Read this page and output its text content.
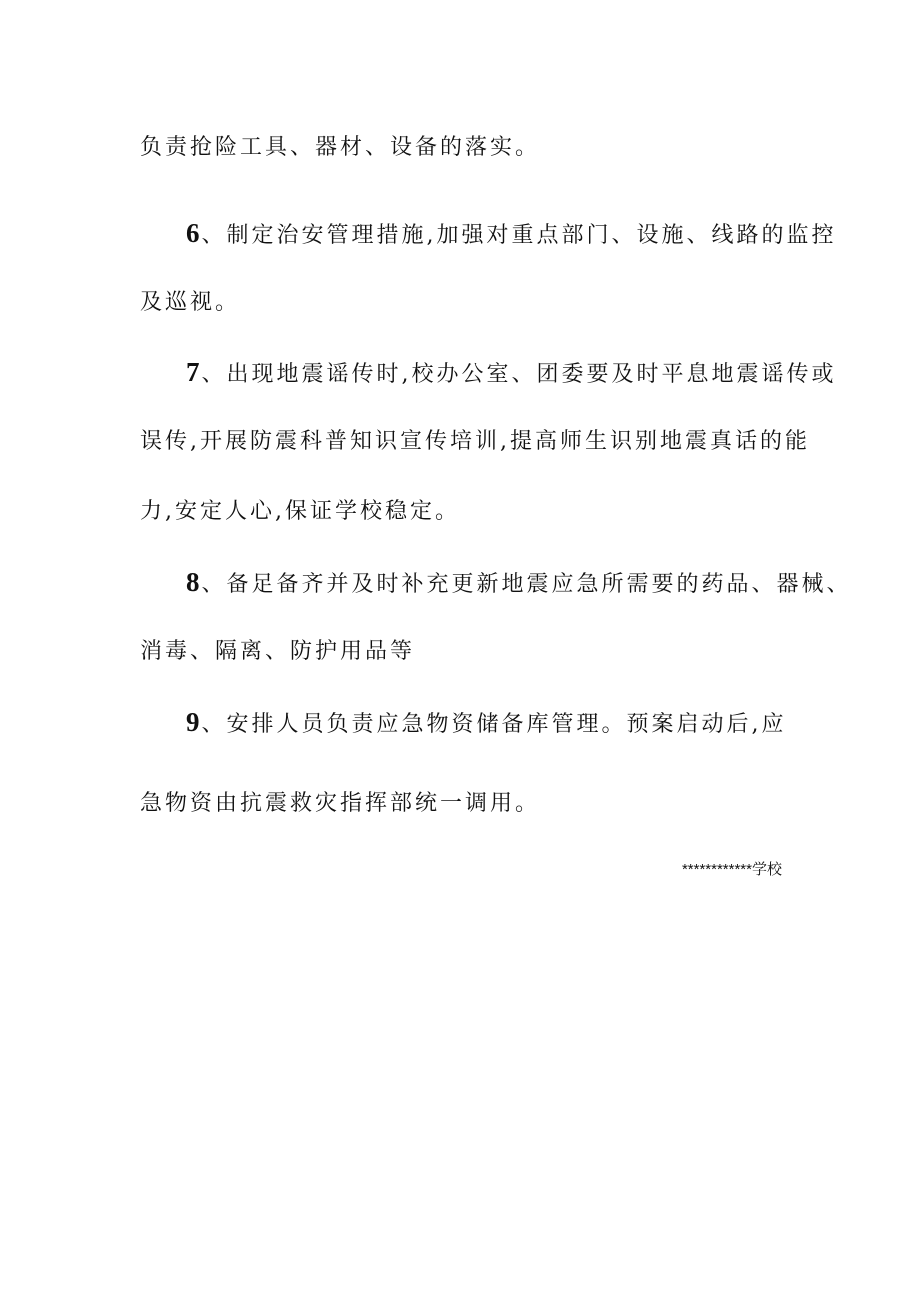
负责抢险工具、器材、设备的落实。
6、制定治安管理措施,加强对重点部门、设施、线路的监控
及巡视。
7、出现地震谣传时,校办公室、团委要及时平息地震谣传或
误传,开展防震科普知识宣传培训,提高师生识别地震真话的能
力,安定人心,保证学校稳定。
8、备足备齐并及时补充更新地震应急所需要的药品、器械、
消毒、隔离、防护用品等
9、安排人员负责应急物资储备库管理。预案启动后,应
急物资由抗震救灾指挥部统一调用。
************学校
